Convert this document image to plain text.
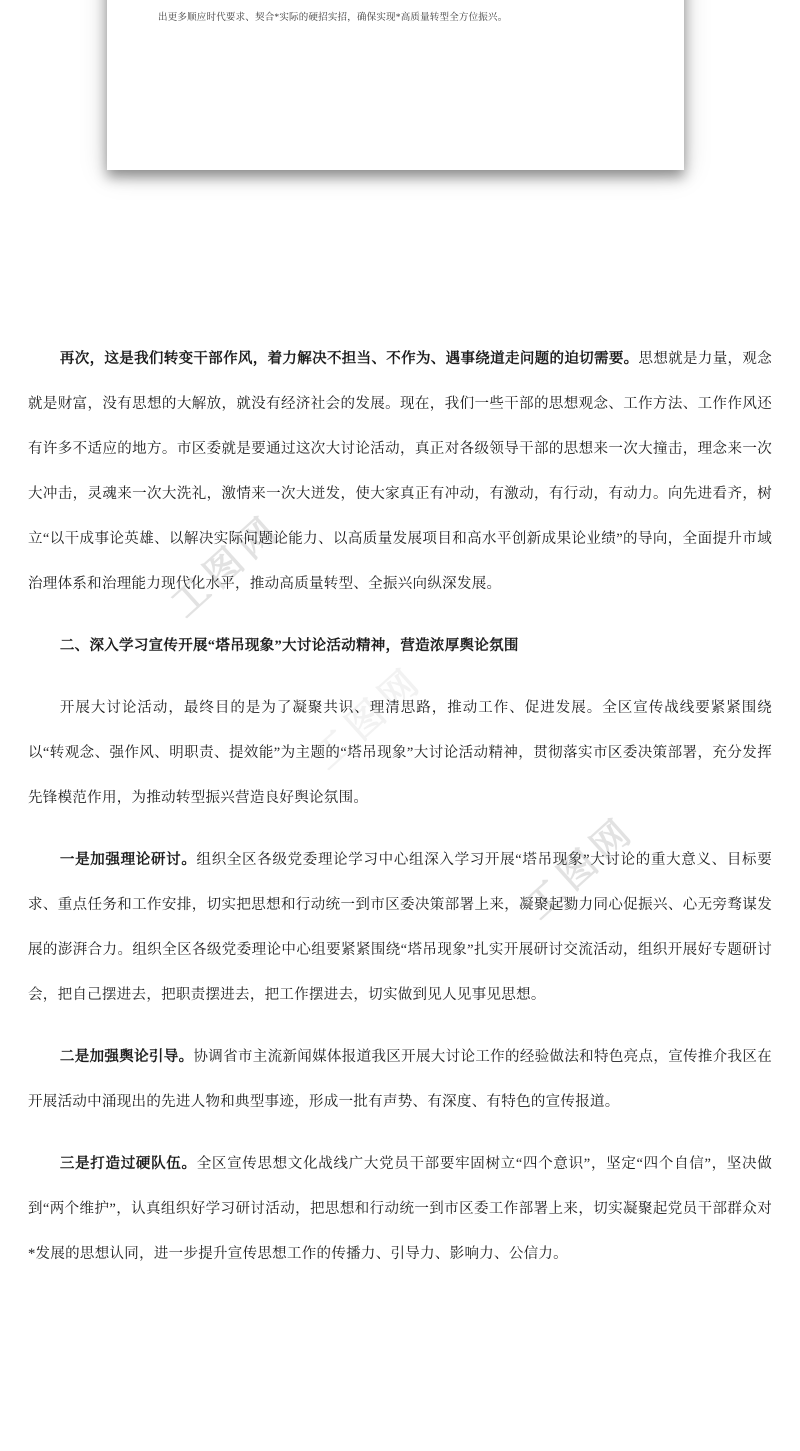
工图网
工图网
工图网
出更多顺应时代要求、契合*实际的硬招实招，确保实现*高质量转型全方位振兴。

再次，这是我们转变干部作风，着力解决不担当、不作为、遇事绕道走问题的迫切需要。思想就是力量，观念就是财富，没有思想的大解放，就没有经济社会的发展。现在，我们一些干部的思想观念、工作方法、工作作风还有许多不适应的地方。市区委就是要通过这次大讨论活动，真正对各级领导干部的思想来一次大撞击，理念来一次大冲击，灵魂来一次大洗礼，激情来一次大迸发，使大家真正有冲动，有激动，有行动，有动力。向先进看齐，树立“以干成事论英雄、以解决实际问题论能力、以高质量发展项目和高水平创新成果论业绩”的导向，全面提升市域治理体系和治理能力现代化水平，推动高质量转型、全振兴向纵深发展。

二、深入学习宣传开展“塔吊现象”大讨论活动精神，营造浓厚舆论氛围

开展大讨论活动，最终目的是为了凝聚共识、理清思路，推动工作、促进发展。全区宣传战线要紧紧围绕以“转观念、强作风、明职责、提效能”为主题的“塔吊现象”大讨论活动精神，贯彻落实市区委决策部署，充分发挥先锋模范作用，为推动转型振兴营造良好舆论氛围。

一是加强理论研讨。组织全区各级党委理论学习中心组深入学习开展“塔吊现象”大讨论的重大意义、目标要求、重点任务和工作安排，切实把思想和行动统一到市区委决策部署上来，凝聚起勠力同心促振兴、心无旁骛谋发展的澎湃合力。组织全区各级党委理论中心组要紧紧围绕“塔吊现象”扎实开展研讨交流活动，组织开展好专题研讨会，把自己摆进去，把职责摆进去，把工作摆进去，切实做到见人见事见思想。

二是加强舆论引导。协调省市主流新闻媒体报道我区开展大讨论工作的经验做法和特色亮点，宣传推介我区在开展活动中涌现出的先进人物和典型事迹，形成一批有声势、有深度、有特色的宣传报道。

三是打造过硬队伍。全区宣传思想文化战线广大党员干部要牢固树立“四个意识”，坚定“四个自信”，坚决做到“两个维护”，认真组织好学习研讨活动，把思想和行动统一到市区委工作部署上来，切实凝聚起党员干部群众对*发展的思想认同，进一步提升宣传思想工作的传播力、引导力、影响力、公信力。
